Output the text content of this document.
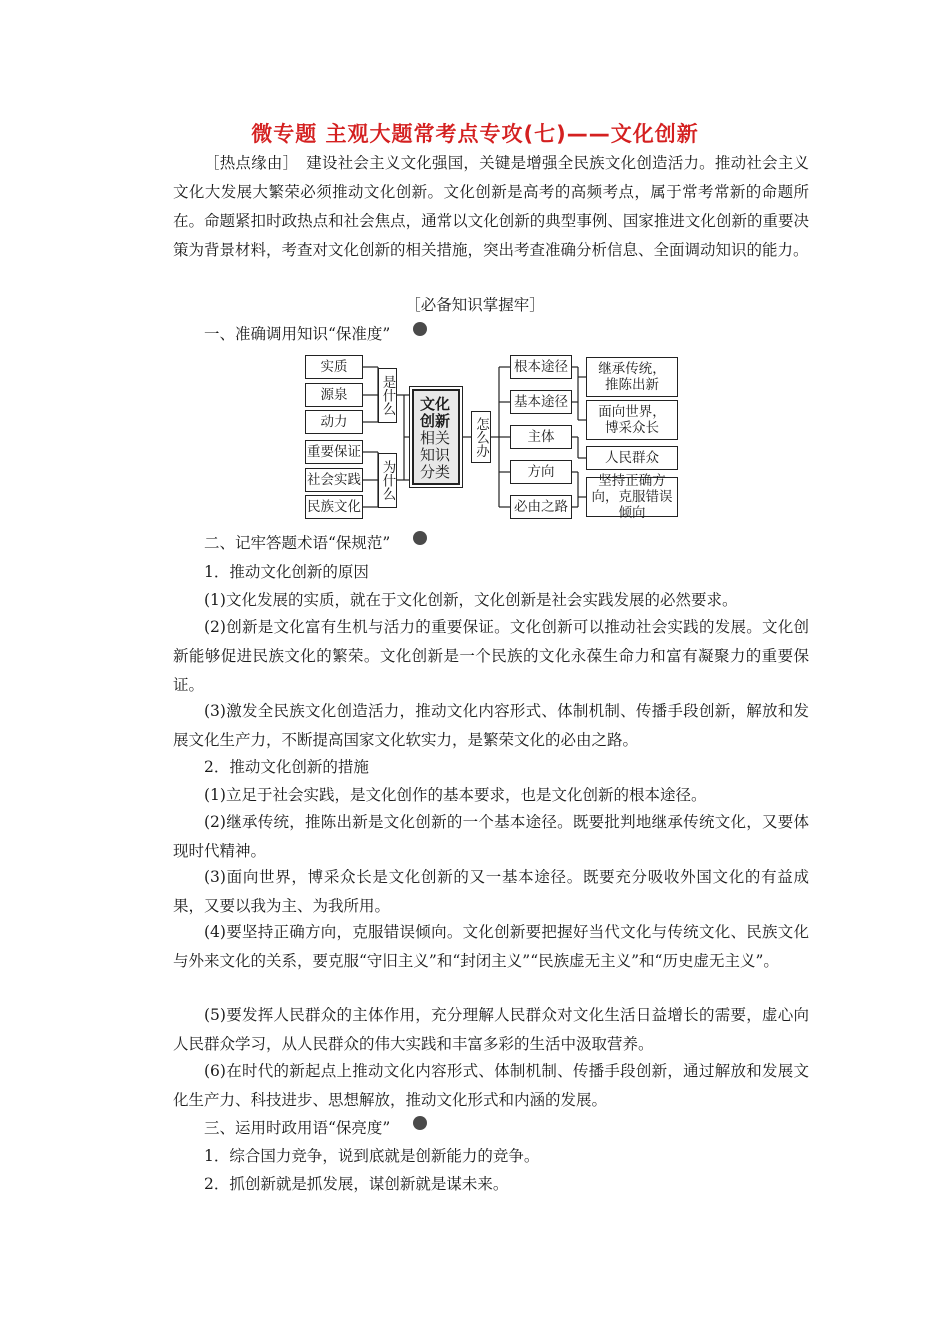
微专题 主观大题常考点专攻(七)——文化创新

［热点缘由］　建设社会主义文化强国，关键是增强全民族文化创造活力。推动社会主义文化大发展大繁荣必须推动文化创新。文化创新是高考的高频考点，属于常考常新的命题所在。命题紧扣时政热点和社会焦点，通常以文化创新的典型事例、国家推进文化创新的重要决策为背景材料，考查对文化创新的相关措施，突出考查准确分析信息、全面调动知识的能力。

［必备知识掌握牢］
一、准确调用知识“保准度”
实质
源泉
动力
重要保证
社会实践
民族文化
是什么
为什么
文化
创新
相关
知识
分类
怎么办
根本途径
基本途径
主体
方向
必由之路
继承传统，推陈出新
面向世界，博采众长
人民群众
坚持正确方向，克服错误倾向
二、记牢答题术语“保规范”
1．推动文化创新的原因

(1)文化发展的实质，就在于文化创新，文化创新是社会实践发展的必然要求。

(2)创新是文化富有生机与活力的重要保证。文化创新可以推动社会实践的发展。文化创新能够促进民族文化的繁荣。文化创新是一个民族的文化永葆生命力和富有凝聚力的重要保证。

(3)激发全民族文化创造活力，推动文化内容形式、体制机制、传播手段创新，解放和发展文化生产力，不断提高国家文化软实力，是繁荣文化的必由之路。

2．推动文化创新的措施

(1)立足于社会实践，是文化创作的基本要求，也是文化创新的根本途径。

(2)继承传统，推陈出新是文化创新的一个基本途径。既要批判地继承传统文化，又要体现时代精神。

(3)面向世界，博采众长是文化创新的又一基本途径。既要充分吸收外国文化的有益成果，又要以我为主、为我所用。

(4)要坚持正确方向，克服错误倾向。文化创新要把握好当代文化与传统文化、民族文化与外来文化的关系，要克服“守旧主义”和“封闭主义”“民族虚无主义”和“历史虚无主义”。

(5)要发挥人民群众的主体作用，充分理解人民群众对文化生活日益增长的需要，虚心向人民群众学习，从人民群众的伟大实践和丰富多彩的生活中汲取营养。

(6)在时代的新起点上推动文化内容形式、体制机制、传播手段创新，通过解放和发展文化生产力、科技进步、思想解放，推动文化形式和内涵的发展。

三、运用时政用语“保亮度”
1．综合国力竞争，说到底就是创新能力的竞争。
2．抓创新就是抓发展，谋创新就是谋未来。
